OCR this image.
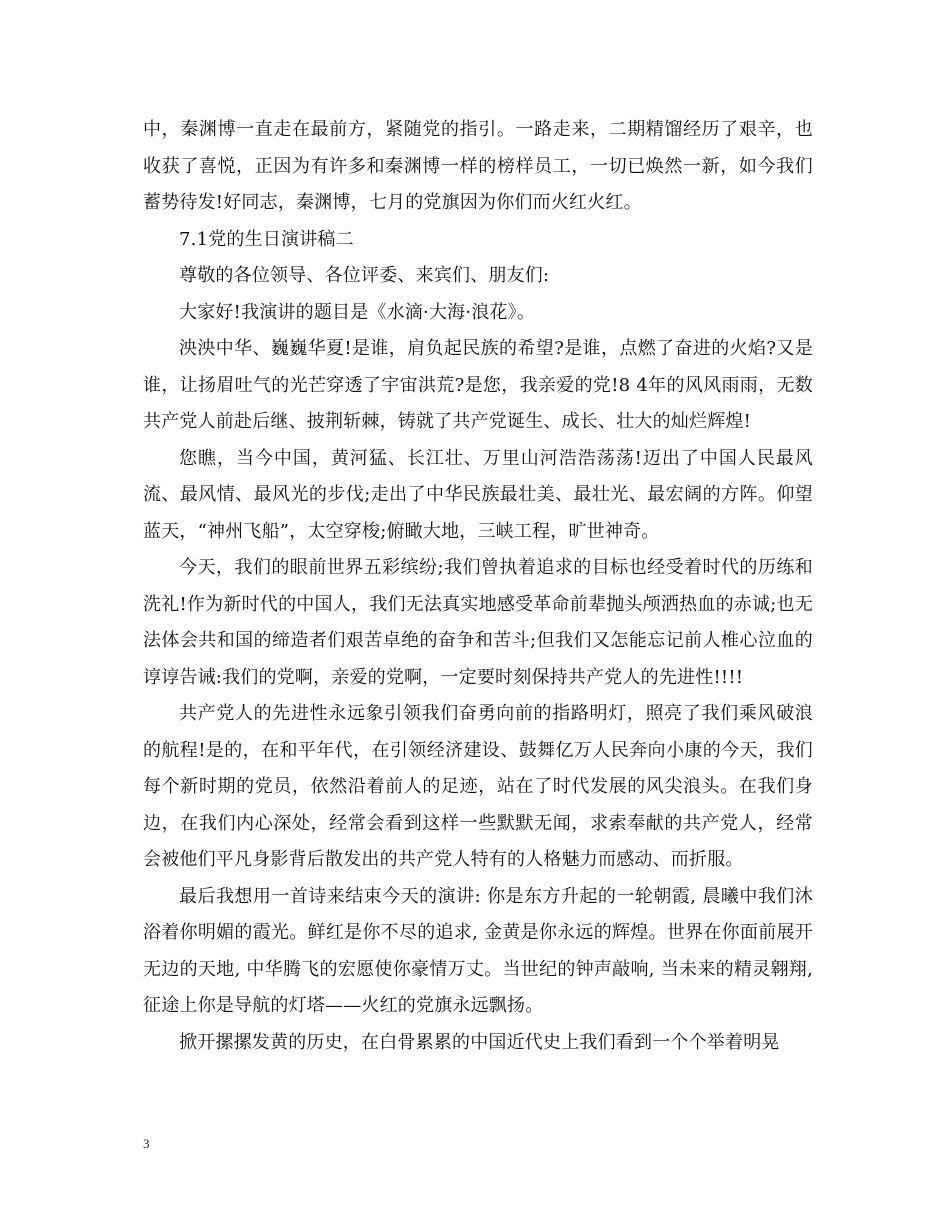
中，秦渊博一直走在最前方，紧随党的指引。一路走来，二期精馏经历了艰辛，也收获了喜悦，正因为有许多和秦渊博一样的榜样员工，一切已焕然一新，如今我们蓄势待发!好同志，秦渊博，七月的党旗因为你们而火红火红。

7.1党的生日演讲稿二

尊敬的各位领导、各位评委、来宾们、朋友们:

大家好!我演讲的题目是《水滴·大海·浪花》。

泱泱中华、巍巍华夏!是谁，肩负起民族的希望?是谁，点燃了奋进的火焰?又是谁，让扬眉吐气的光芒穿透了宇宙洪荒?是您，我亲爱的党!8 4年的风风雨雨，无数共产党人前赴后继、披荆斩棘，铸就了共产党诞生、成长、壮大的灿烂辉煌!

您瞧，当今中国，黄河猛、长江壮、万里山河浩浩荡荡!迈出了中国人民最风流、最风情、最风光的步伐;走出了中华民族最壮美、最壮光、最宏阔的方阵。仰望蓝天，“神州飞船”，太空穿梭;俯瞰大地，三峡工程，旷世神奇。

今天，我们的眼前世界五彩缤纷;我们曾执着追求的目标也经受着时代的历练和洗礼!作为新时代的中国人，我们无法真实地感受革命前辈抛头颅洒热血的赤诚;也无法体会共和国的缔造者们艰苦卓绝的奋争和苦斗;但我们又怎能忘记前人椎心泣血的谆谆告诫:我们的党啊，亲爱的党啊，一定要时刻保持共产党人的先进性!!!!

共产党人的先进性永远象引领我们奋勇向前的指路明灯，照亮了我们乘风破浪的航程!是的，在和平年代，在引领经济建设、鼓舞亿万人民奔向小康的今天，我们每个新时期的党员，依然沿着前人的足迹，站在了时代发展的风尖浪头。在我们身边，在我们内心深处，经常会看到这样一些默默无闻，求索奉献的共产党人，经常会被他们平凡身影背后散发出的共产党人特有的人格魅力而感动、而折服。

最后我想用一首诗来结束今天的演讲: 你是东方升起的一轮朝霞, 晨曦中我们沐浴着你明媚的霞光。鲜红是你不尽的追求, 金黄是你永远的辉煌。世界在你面前展开无边的天地, 中华腾飞的宏愿使你豪情万丈。当世纪的钟声敲响, 当未来的精灵翱翔, 征途上你是导航的灯塔——火红的党旗永远飘扬。

掀开摞摞发黄的历史，在白骨累累的中国近代史上我们看到一个个举着明晃

3
